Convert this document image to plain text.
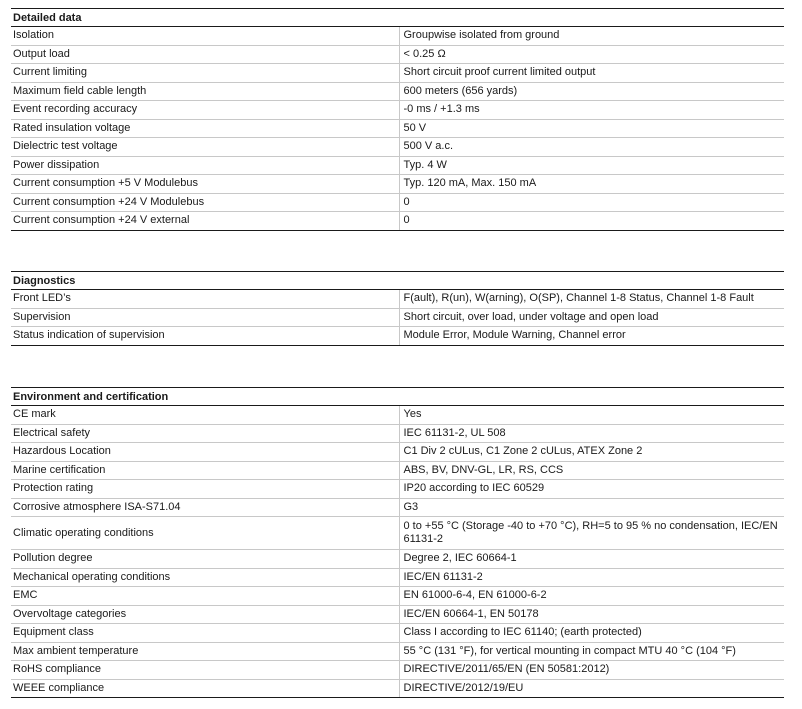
Detailed data	
Isolation	Groupwise isolated from ground
Output load	< 0.25 Ω
Current limiting	Short circuit proof current limited output
Maximum field cable length	600 meters (656 yards)
Event recording accuracy	-0 ms / +1.3 ms
Rated insulation voltage	50 V
Dielectric test voltage	500 V a.c.
Power dissipation	Typ. 4 W
Current consumption +5 V Modulebus	Typ. 120 mA, Max. 150 mA
Current consumption +24 V Modulebus	0
Current consumption +24 V external	0
Diagnostics	
Front LED’s	F(ault), R(un), W(arning), O(SP), Channel 1-8 Status, Channel 1-8 Fault
Supervision	Short circuit, over load, under voltage and open load
Status indication of supervision	Module Error, Module Warning, Channel error
Environment and certification	
CE mark	Yes
Electrical safety	IEC 61131-2, UL 508
Hazardous Location	C1 Div 2 cULus, C1 Zone 2 cULus, ATEX Zone 2
Marine certification	ABS, BV, DNV-GL, LR, RS, CCS
Protection rating	IP20 according to IEC 60529
Corrosive atmosphere ISA-S71.04	G3
Climatic operating conditions	0 to +55 °C (Storage -40 to +70 °C), RH=5 to 95 % no condensation, IEC/EN 61131-2
Pollution degree	Degree 2, IEC 60664-1
Mechanical operating conditions	IEC/EN 61131-2
EMC	EN 61000-6-4, EN 61000-6-2
Overvoltage categories	IEC/EN 60664-1, EN 50178
Equipment class	Class I according to IEC 61140; (earth protected)
Max ambient temperature	55 °C (131 °F), for vertical mounting in compact MTU 40 °C (104 °F)
RoHS compliance	DIRECTIVE/2011/65/EN (EN 50581:2012)
WEEE compliance	DIRECTIVE/2012/19/EU
